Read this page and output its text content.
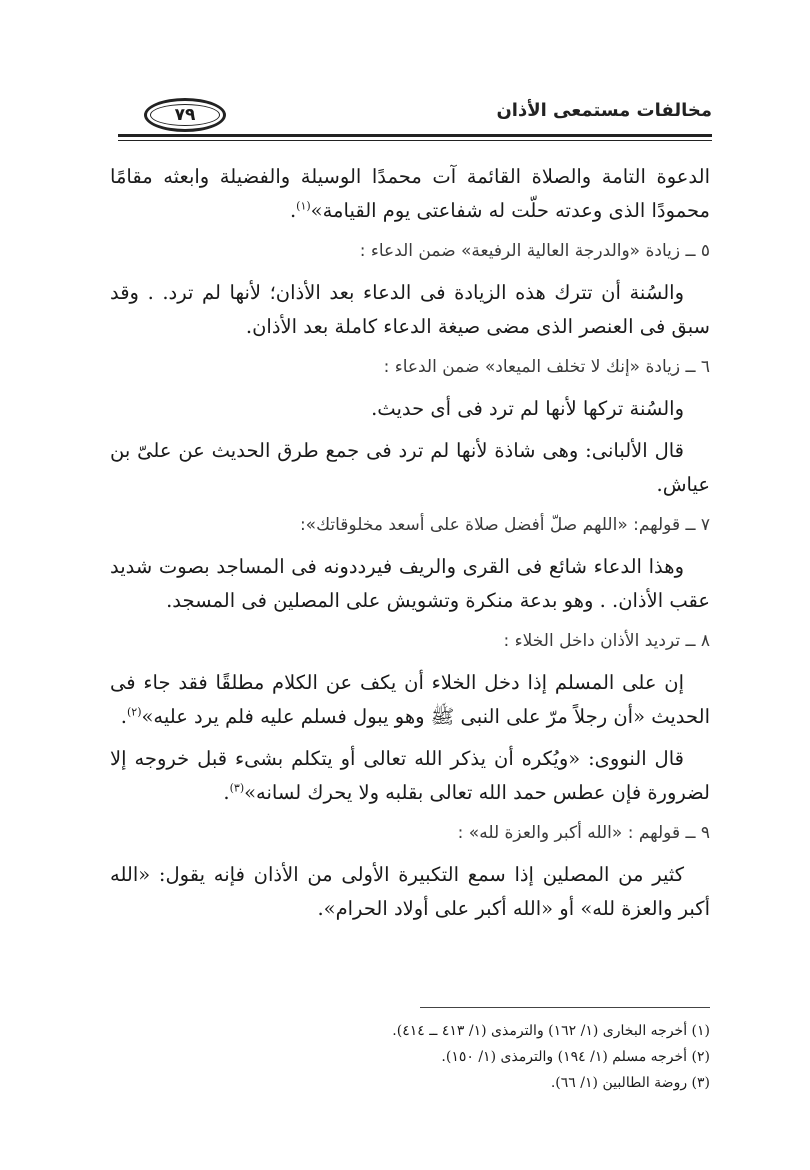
مخالفات مستمعى الأذان
٧٩

الدعوة التامة والصلاة القائمة آت محمدًا الوسيلة والفضيلة وابعثه مقامًا محمودًا الذى وعدته حلّت له شفاعتى يوم القيامة»$^{(١)}$.

٥ ــ زيادة «والدرجة العالية الرفيعة» ضمن الدعاء :

والسُنة أن تترك هذه الزيادة فى الدعاء بعد الأذان؛ لأنها لم ترد. . وقد سبق فى العنصر الذى مضى صيغة الدعاء كاملة بعد الأذان.

٦ ــ زيادة «إنك لا تخلف الميعاد» ضمن الدعاء :

والسُنة تركها لأنها لم ترد فى أى حديث.

قال الألبانى: وهى شاذة لأنها لم ترد فى جمع طرق الحديث عن علىّ بن عياش.

٧ ــ قولهم: «اللهم صلّ أفضل صلاة على أسعد مخلوقاتك»:

وهذا الدعاء شائع فى القرى والريف فيرددونه فى المساجد بصوت شديد عقب الأذان. . وهو بدعة منكرة وتشويش على المصلين فى المسجد.

٨ ــ ترديد الأذان داخل الخلاء :

إن على المسلم إذا دخل الخلاء أن يكف عن الكلام مطلقًا فقد جاء فى الحديث «أن رجلاً مرّ على النبى ﷺ وهو يبول فسلم عليه فلم يرد عليه»$^{(٢)}$.

قال النووى: «ويُكره أن يذكر الله تعالى أو يتكلم بشىء قبل خروجه إلا لضرورة فإن عطس حمد الله تعالى بقلبه ولا يحرك لسانه»$^{(٣)}$.

٩ ــ قولهم : «الله أكبر والعزة لله» :

كثير من المصلين إذا سمع التكبيرة الأولى من الأذان فإنه يقول: «الله أكبر والعزة لله» أو «الله أكبر على أولاد الحرام».

(١) أخرجه البخارى (١/ ١٦٢) والترمذى (١/ ٤١٣ ــ ٤١٤).

(٢) أخرجه مسلم (١/ ١٩٤) والترمذى (١/ ١٥٠).

(٣) روضة الطالبين (١/ ٦٦).
